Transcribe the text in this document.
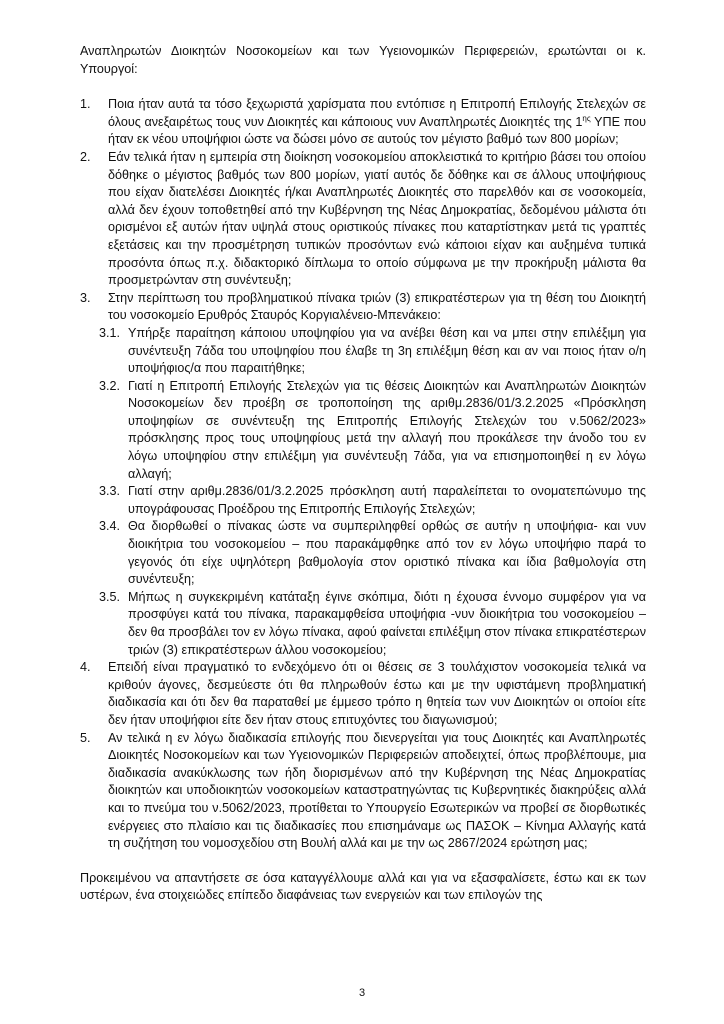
Αναπληρωτών Διοικητών Νοσοκομείων και των Υγειονομικών Περιφερειών, ερωτώνται οι κ. Υπουργοί:

1. Ποια ήταν αυτά τα τόσο ξεχωριστά χαρίσματα που εντόπισε η Επιτροπή Επιλογής Στελεχών σε όλους ανεξαιρέτως τους νυν Διοικητές και κάποιους νυν Αναπληρωτές Διοικητές της $1^{\eta\varsigma}$ ΥΠΕ που ήταν εκ νέου υποψήφιοι ώστε να δώσει μόνο σε αυτούς τον μέγιστο βαθμό των 800 μορίων;

2. Εάν τελικά ήταν η εμπειρία στη διοίκηση νοσοκομείου αποκλειστικά το κριτήριο βάσει του οποίου δόθηκε ο μέγιστος βαθμός των 800 μορίων, γιατί αυτός δε δόθηκε και σε άλλους υποψήφιους που είχαν διατελέσει Διοικητές ή/και Αναπληρωτές Διοικητές στο παρελθόν και σε νοσοκομεία, αλλά δεν έχουν τοποθετηθεί από την Κυβέρνηση της Νέας Δημοκρατίας, δεδομένου μάλιστα ότι ορισμένοι εξ αυτών ήταν υψηλά στους οριστικούς πίνακες που καταρτίστηκαν μετά τις γραπτές εξετάσεις και την προσμέτρηση τυπικών προσόντων ενώ κάποιοι είχαν και αυξημένα τυπικά προσόντα όπως π.χ. διδακτορικό δίπλωμα το οποίο σύμφωνα με την προκήρυξη μάλιστα θα προσμετρώνταν στη συνέντευξη;

3. Στην περίπτωση του προβληματικού πίνακα τριών (3) επικρατέστερων για τη θέση του Διοικητή του νοσοκομείο Ερυθρός Σταυρός Κοργιαλένειο-Μπενάκειο:

3.1. Υπήρξε παραίτηση κάποιου υποψηφίου για να ανέβει θέση και να μπει στην επιλέξιμη για συνέντευξη 7άδα του υποψηφίου που έλαβε τη 3η επιλέξιμη θέση και αν ναι ποιος ήταν ο/η υποψήφιος/α που παραιτήθηκε;

3.2. Γιατί η Επιτροπή Επιλογής Στελεχών για τις θέσεις Διοικητών και Αναπληρωτών Διοικητών Νοσοκομείων δεν προέβη σε τροποποίηση της αριθμ.2836/01/3.2.2025 «Πρόσκληση υποψηφίων σε συνέντευξη της Επιτροπής Επιλογής Στελεχών του ν.5062/2023» πρόσκλησης προς τους υποψηφίους μετά την αλλαγή που προκάλεσε την άνοδο του εν λόγω υποψηφίου στην επιλέξιμη για συνέντευξη 7άδα, για να επισημοποιηθεί η εν λόγω αλλαγή;

3.3. Γιατί στην αριθμ.2836/01/3.2.2025 πρόσκληση αυτή παραλείπεται το ονοματεπώνυμο της υπογράφουσας Προέδρου της Επιτροπής Επιλογής Στελεχών;

3.4. Θα διορθωθεί ο πίνακας ώστε να συμπεριληφθεί ορθώς σε αυτήν η υποψήφια- και νυν διοικήτρια του νοσοκομείου – που παρακάμφθηκε από τον εν λόγω υποψήφιο παρά το γεγονός ότι είχε υψηλότερη βαθμολογία στον οριστικό πίνακα και ίδια βαθμολογία στη συνέντευξη;

3.5. Μήπως η συγκεκριμένη κατάταξη έγινε σκόπιμα, διότι η έχουσα έννομο συμφέρον για να προσφύγει κατά του πίνακα, παρακαμφθείσα υποψήφια -νυν διοικήτρια του νοσοκομείου – δεν θα προσβάλει τον εν λόγω πίνακα, αφού φαίνεται επιλέξιμη στον πίνακα επικρατέστερων τριών (3) επικρατέστερων άλλου νοσοκομείου;

4. Επειδή είναι πραγματικό το ενδεχόμενο ότι οι θέσεις σε 3 τουλάχιστον νοσοκομεία τελικά να κριθούν άγονες, δεσμεύεστε ότι θα πληρωθούν έστω και με την υφιστάμενη προβληματική διαδικασία και ότι δεν θα παραταθεί με έμμεσο τρόπο η θητεία των νυν Διοικητών οι οποίοι είτε δεν ήταν υποψήφιοι είτε δεν ήταν στους επιτυχόντες του διαγωνισμού;

5. Αν τελικά η εν λόγω διαδικασία επιλογής που διενεργείται για τους Διοικητές και Αναπληρωτές Διοικητές Νοσοκομείων και των Υγειονομικών Περιφερειών αποδειχτεί, όπως προβλέπουμε, μια διαδικασία ανακύκλωσης των ήδη διορισμένων από την Κυβέρνηση της Νέας Δημοκρατίας διοικητών και υποδιοικητών νοσοκομείων καταστρατηγώντας τις Κυβερνητικές διακηρύξεις αλλά και το πνεύμα του ν.5062/2023, προτίθεται το Υπουργείο Εσωτερικών να προβεί σε διορθωτικές ενέργειες στο πλαίσιο και τις διαδικασίες που επισημάναμε ως ΠΑΣΟΚ – Κίνημα Αλλαγής κατά τη συζήτηση του νομοσχεδίου στη Βουλή αλλά και με την ως 2867/2024 ερώτηση μας;

Προκειμένου να απαντήσετε σε όσα καταγγέλλουμε αλλά και για να εξασφαλίσετε, έστω και εκ των υστέρων, ένα στοιχειώδες επίπεδο διαφάνειας των ενεργειών και των επιλογών της

3
